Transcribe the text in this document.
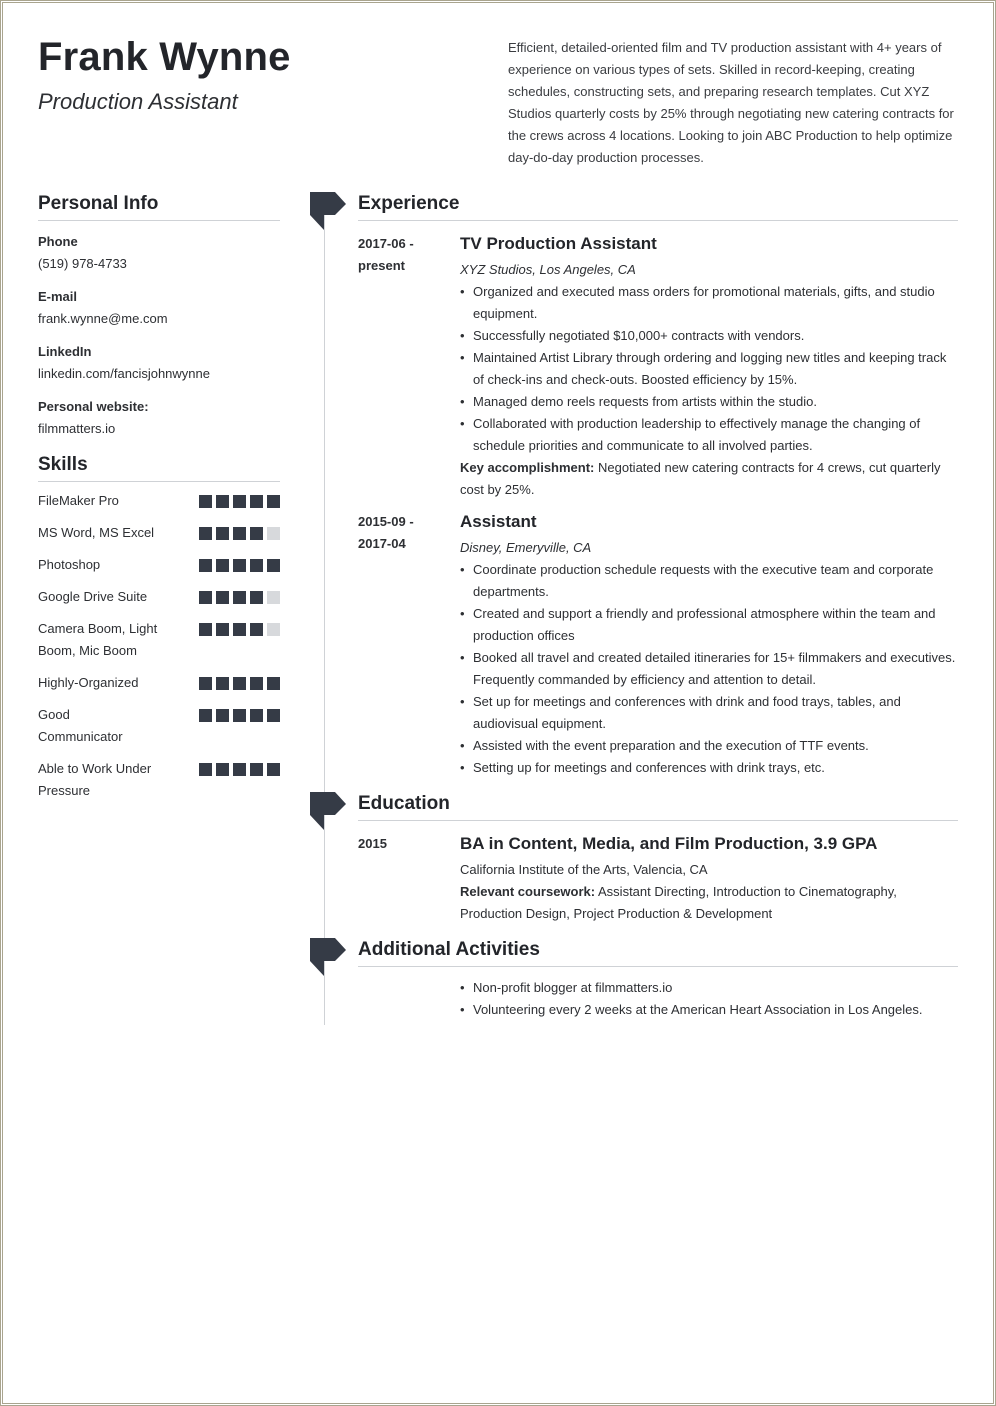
Frank Wynne
Production Assistant

Efficient, detailed-oriented film and TV production assistant with 4+ years of experience on various types of sets. Skilled in record-keeping, creating schedules, constructing sets, and preparing research templates. Cut XYZ Studios quarterly costs by 25% through negotiating new catering contracts for the crews across 4 locations. Looking to join ABC Production to help optimize day-do-day production processes.

Personal Info
Phone
(519) 978-4733
E-mail
frank.wynne@me.com
LinkedIn
linkedin.com/fancisjohnwynne
Personal website:
filmmatters.io
Skills
FileMaker Pro
MS Word, MS Excel
Photoshop
Google Drive Suite
Camera Boom, Light Boom, Mic Boom
Highly-Organized
Good Communicator
Able to Work Under Pressure
Experience
2017-06 - present
TV Production Assistant
XYZ Studios, Los Angeles, CA
• Organized and executed mass orders for promotional materials, gifts, and studio equipment.
• Successfully negotiated $10,000+ contracts with vendors.
• Maintained Artist Library through ordering and logging new titles and keeping track of check-ins and check-outs. Boosted efficiency by 15%.
• Managed demo reels requests from artists within the studio.
• Collaborated with production leadership to effectively manage the changing of schedule priorities and communicate to all involved parties.
Key accomplishment: Negotiated new catering contracts for 4 crews, cut quarterly cost by 25%.
2015-09 - 2017-04
Assistant
Disney, Emeryville, CA
• Coordinate production schedule requests with the executive team and corporate departments.
• Created and support a friendly and professional atmosphere within the team and production offices
• Booked all travel and created detailed itineraries for 15+ filmmakers and executives. Frequently commanded by efficiency and attention to detail.
• Set up for meetings and conferences with drink and food trays, tables, and audiovisual equipment.
• Assisted with the event preparation and the execution of TTF events.
• Setting up for meetings and conferences with drink trays, etc.
Education
2015	BA in Content, Media, and Film Production, 3.9 GPA
California Institute of the Arts, Valencia, CA
Relevant coursework: Assistant Directing, Introduction to Cinematography, Production Design, Project Production & Development
Additional Activities
• Non-profit blogger at filmmatters.io
• Volunteering every 2 weeks at the American Heart Association in Los Angeles.
